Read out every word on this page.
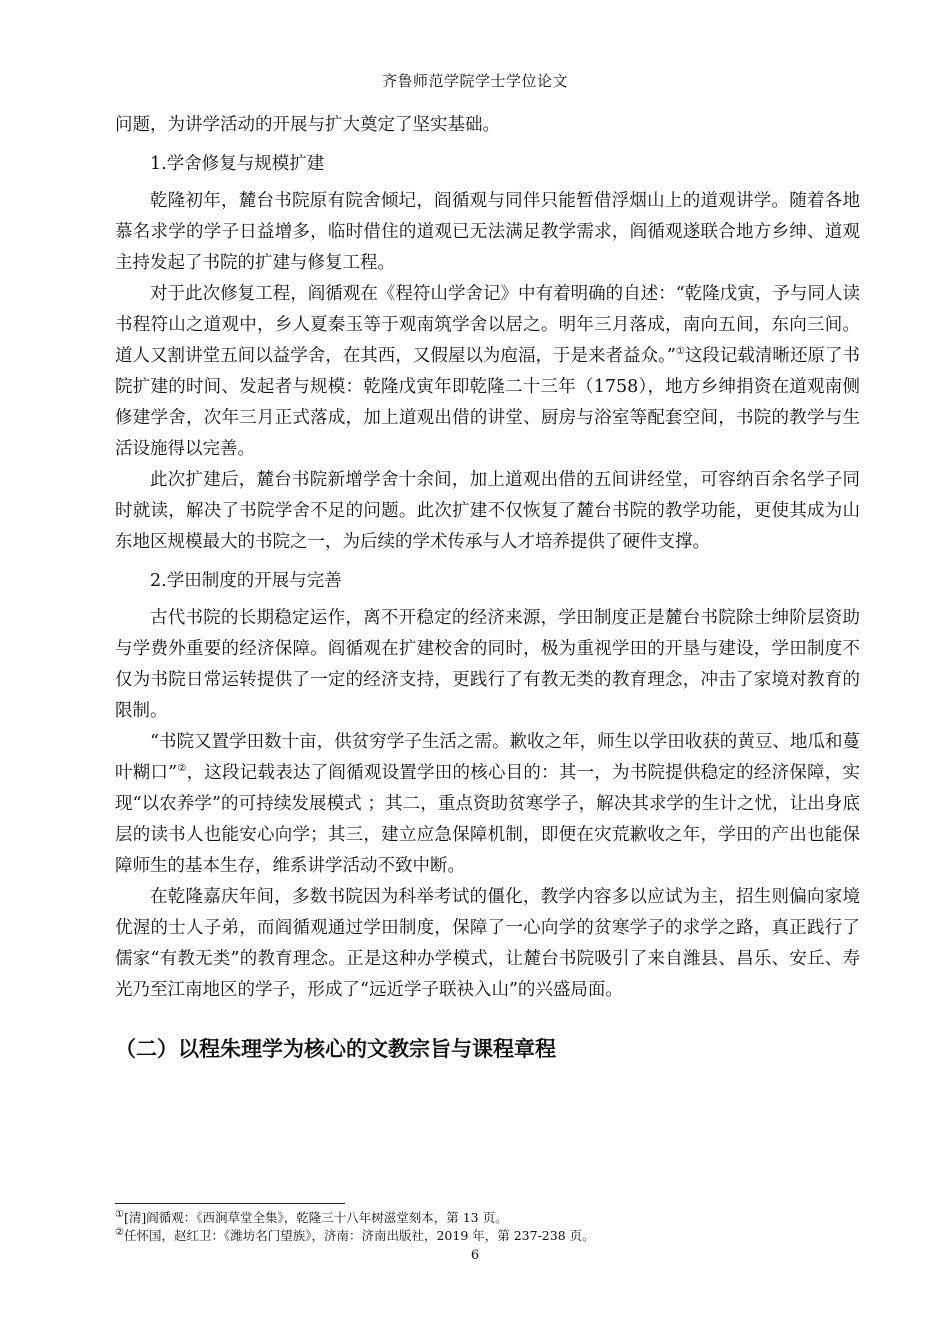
齐鲁师范学院学士学位论文

问题，为讲学活动的开展与扩大奠定了坚实基础。

1.学舍修复与规模扩建

乾隆初年，麓台书院原有院舍倾圮，阎循观与同伴只能暂借浮烟山上的道观讲学。随着各地慕名求学的学子日益增多，临时借住的道观已无法满足教学需求，阎循观遂联合地方乡绅、道观主持发起了书院的扩建与修复工程。

对于此次修复工程，阎循观在《程符山学舍记》中有着明确的自述：“乾隆戊寅，予与同人读书程符山之道观中，乡人夏秦玉等于观南筑学舍以居之。明年三月落成，南向五间，东向三间。道人又割讲堂五间以益学舍，在其西，又假屋以为庖湢，于是来者益众。”①这段记载清晰还原了书院扩建的时间、发起者与规模：乾隆戊寅年即乾隆二十三年（1758），地方乡绅捐资在道观南侧修建学舍，次年三月正式落成，加上道观出借的讲堂、厨房与浴室等配套空间，书院的教学与生活设施得以完善。

此次扩建后，麓台书院新增学舍十余间，加上道观出借的五间讲经堂，可容纳百余名学子同时就读，解决了书院学舍不足的问题。此次扩建不仅恢复了麓台书院的教学功能，更使其成为山东地区规模最大的书院之一，为后续的学术传承与人才培养提供了硬件支撑。

2.学田制度的开展与完善

古代书院的长期稳定运作，离不开稳定的经济来源，学田制度正是麓台书院除士绅阶层资助与学费外重要的经济保障。阎循观在扩建校舍的同时，极为重视学田的开垦与建设，学田制度不仅为书院日常运转提供了一定的经济支持，更践行了有教无类的教育理念，冲击了家境对教育的限制。

“书院又置学田数十亩，供贫穷学子生活之需。歉收之年，师生以学田收获的黄豆、地瓜和蔓叶糊口”②，这段记载表达了阎循观设置学田的核心目的：其一，为书院提供稳定的经济保障，实现“以农养学”的可持续发展模式 ；其二，重点资助贫寒学子，解决其求学的生计之忧，让出身底层的读书人也能安心向学；其三，建立应急保障机制，即便在灾荒歉收之年，学田的产出也能保障师生的基本生存，维系讲学活动不致中断。

在乾隆嘉庆年间，多数书院因为科举考试的僵化，教学内容多以应试为主，招生则偏向家境优渥的士人子弟，而阎循观通过学田制度，保障了一心向学的贫寒学子的求学之路，真正践行了儒家“有教无类”的教育理念。正是这种办学模式，让麓台书院吸引了来自潍县、昌乐、安丘、寿光乃至江南地区的学子，形成了“远近学子联袂入山”的兴盛局面。

（二）以程朱理学为核心的文教宗旨与课程章程

①[清]阎循观：《西涧草堂全集》，乾隆三十八年树滋堂刻本，第 13 页。

②任怀国，赵红卫：《潍坊名门望族》，济南：济南出版社，2019 年，第 237-238 页。

6
